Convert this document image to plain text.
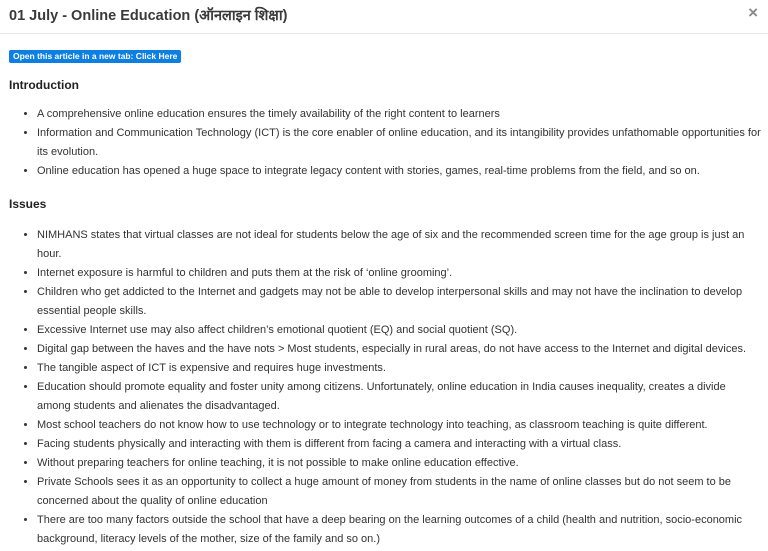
01 July - Online Education (ऑनलाइन शिक्षा)	×
Open this article in a new tab: Click Here
Introduction
• A comprehensive online education ensures the timely availability of the right content to learners
• Information and Communication Technology (ICT) is the core enabler of online education, and its intangibility provides unfathomable opportunities for its evolution.
• Online education has opened a huge space to integrate legacy content with stories, games, real-time problems from the field, and so on.
Issues
• NIMHANS states that virtual classes are not ideal for students below the age of six and the recommended screen time for the age group is just an hour.
• Internet exposure is harmful to children and puts them at the risk of ‘online grooming’.
• Children who get addicted to the Internet and gadgets may not be able to develop interpersonal skills and may not have the inclination to develop essential people skills.
• Excessive Internet use may also affect children’s emotional quotient (EQ) and social quotient (SQ).
• Digital gap between the haves and the have nots > Most students, especially in rural areas, do not have access to the Internet and digital devices.
• The tangible aspect of ICT is expensive and requires huge investments.
• Education should promote equality and foster unity among citizens. Unfortunately, online education in India causes inequality, creates a divide among students and alienates the disadvantaged.
• Most school teachers do not know how to use technology or to integrate technology into teaching, as classroom teaching is quite different.
• Facing students physically and interacting with them is different from facing a camera and interacting with a virtual class.
• Without preparing teachers for online teaching, it is not possible to make online education effective.
• Private Schools sees it as an opportunity to collect a huge amount of money from students in the name of online classes but do not seem to be concerned about the quality of online education
• There are too many factors outside the school that have a deep bearing on the learning outcomes of a child (health and nutrition, socio-economic background, literacy levels of the mother, size of the family and so on.)
